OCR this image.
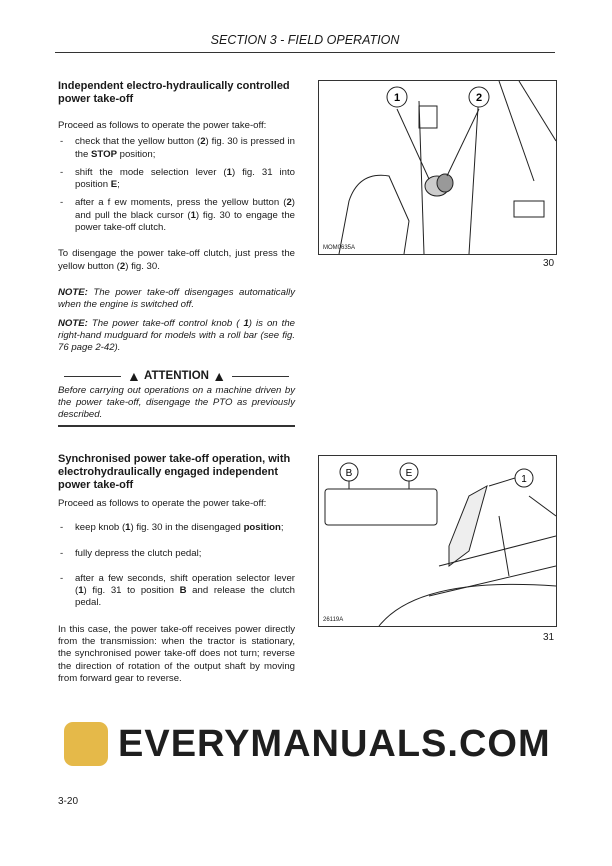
SECTION 3 - FIELD OPERATION
Independent electro-hydraulically controlled power take-off

Proceed as follows to operate the power take-off:

- check that the yellow button (2) fig. 30 is pressed in the STOP position;
- shift the mode selection lever (1) fig. 31 into position E;
- after a f ew moments, press the yellow button (2) and pull the black cursor (1) fig. 30 to engage the power take-off clutch.

To disengage the power take-off clutch, just press the yellow button (2) fig. 30.

NOTE: The power take-off disengages automatically when the engine is switched off.

NOTE: The power take-off control knob ( 1) is on the right-hand mudguard for models with a roll bar (see fig. 76 page 2-42).

▲
ATTENTION
▲

Before carrying out operations on a machine driven by the power take-off, disengage the PTO as previously described.

Synchronised power take-off operation, with electrohydraulically engaged independent power take-off

Proceed as follows to operate the power take-off:

- keep knob (1) fig. 30 in the disengaged position;
- fully depress the clutch pedal;
- after a few seconds, shift operation selector lever (1) fig. 31 to position B and release the clutch pedal.

In this case, the power take-off receives power directly from the transmission: when the tractor is stationary, the synchronised power take-off does not turn; reverse the direction of rotation of the output shaft by moving from forward gear to reverse.

1	2
MOM0635A
30
B	E
1
26119A
31
EVERYMANUALS.COM
3-20
